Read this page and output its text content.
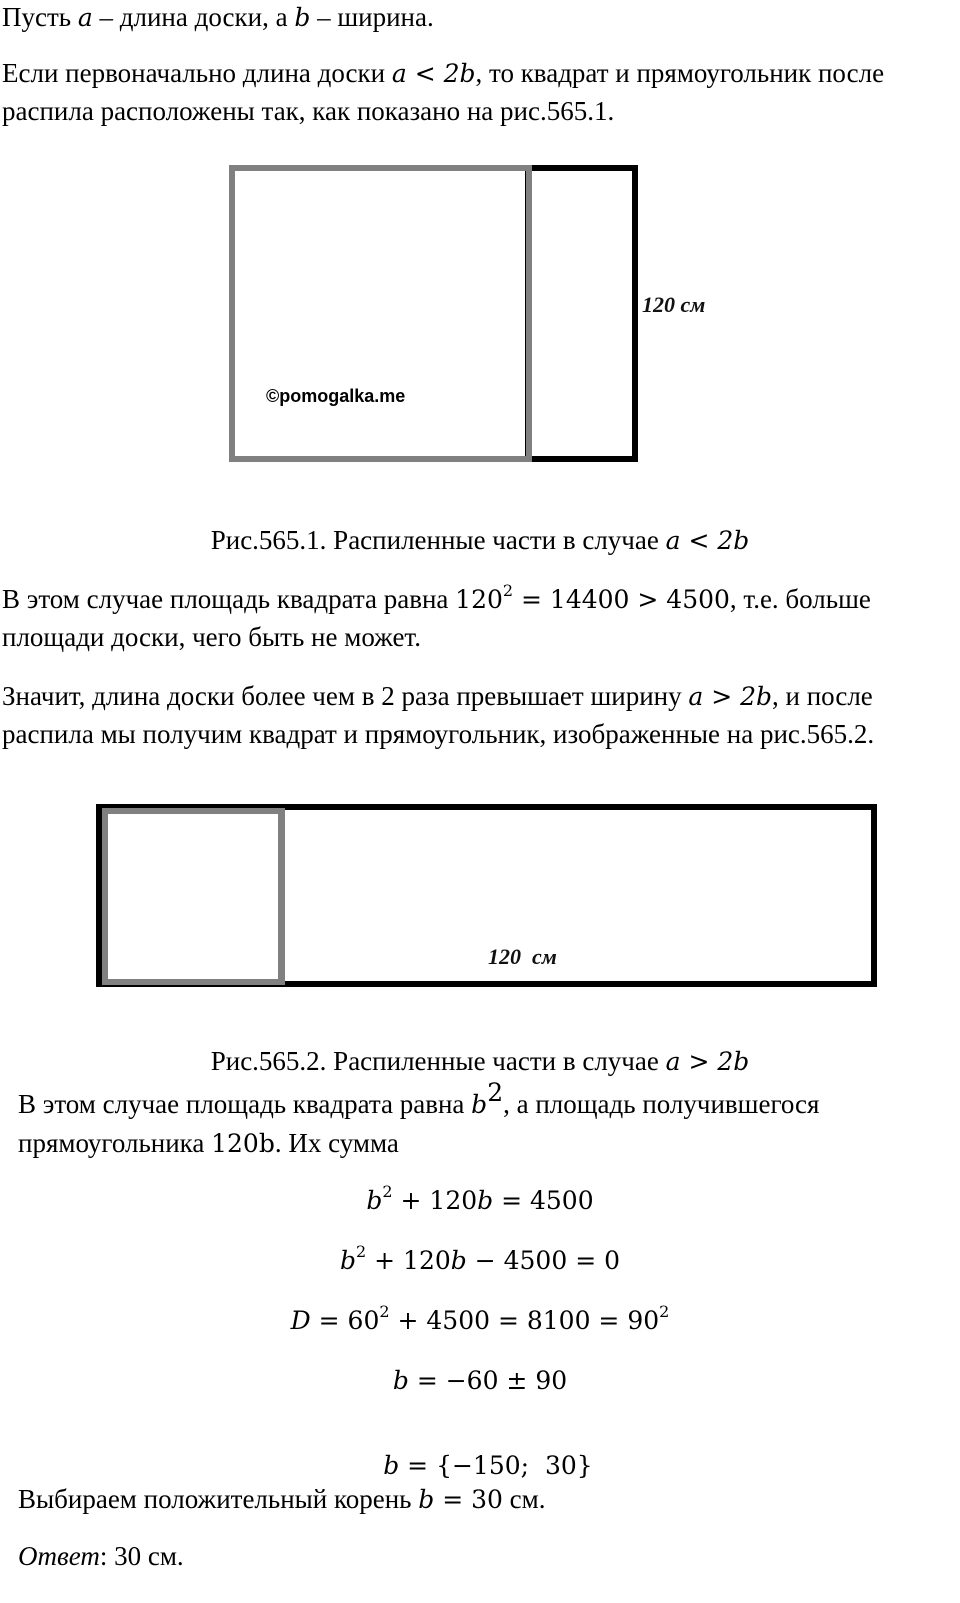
Пусть a – длина доски, а b – ширина.
Если первоначально длина доски a < 2b, то квадрат и прямоугольник после
распила расположены так, как показано на рис.565.1.
©pomogalka.me
120 см
Рис.565.1. Распиленные части в случае a < 2b
В этом случае площадь квадрата равна $120^2 = 14400 > 4500$, т.е. больше
площади доски, чего быть не может.
Значит, длина доски более чем в 2 раза превышает ширину a > 2b, и после
распила мы получим квадрат и прямоугольник, изображенные на рис.565.2.
120  см
Рис.565.2. Распиленные части в случае a > 2b
В этом случае площадь квадрата равна $b^2$, а площадь получившегося
прямоугольника 120b. Их сумма
$b^2 + 120b = 4500$
$b^2 + 120b - 4500 = 0$
$D = 60^2 + 4500 = 8100 = 90^2$
b = −60 ± 90

b = {−150;  30}

Выбираем положительный корень b = 30 см.
Ответ: 30 см.
